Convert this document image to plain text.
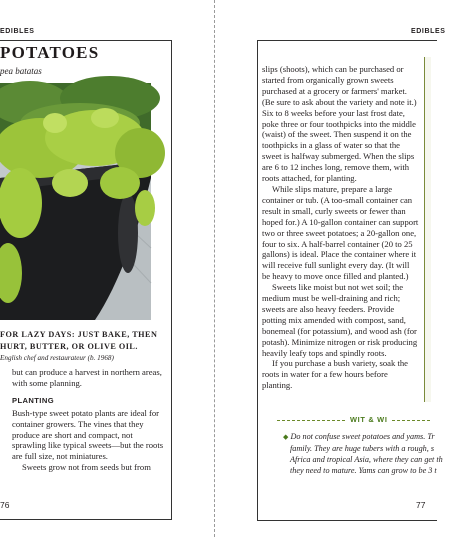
EDIBLES
POTATOES
pea batatas
FOR LAZY DAYS: JUST BAKE, THEN HURT, BUTTER, OR OLIVE OIL.
English chef and restaurateur (b. 1968)

but can produce a harvest in northern areas, with some planning.

PLANTING

Bush-type sweet potato plants are ideal for container growers. The vines that they produce are short and compact, not sprawling like typical sweets—but the roots are full size, not miniatures.

Sweets grow not from seeds but from

76
EDIBLES

slips (shoots), which can be purchased or started from organically grown sweets purchased at a grocery or farmers' market. (Be sure to ask about the variety and note it.) Six to 8 weeks before your last frost date, poke three or four toothpicks into the middle (waist) of the sweet. Then suspend it on the toothpicks in a glass of water so that the sweet is halfway submerged. When the slips are 6 to 12 inches long, remove them, with roots attached, for planting.

While slips mature, prepare a large container or tub. (A too-small container can result in small, curly sweets or fewer than hoped for.) A 10-gallon container can support two or three sweet potatoes; a 20-gallon one, four to six. A half-barrel container (20 to 25 gallons) is ideal. Place the container where it will receive full sunlight every day. (It will be heavy to move once filled and planted.)

Sweets like moist but not wet soil; the medium must be well-draining and rich; sweets are also heavy feeders. Provide potting mix amended with compost, sand, bonemeal (for potassium), and wood ash (for potash). Minimize nitrogen or risk producing heavily leafy tops and spindly roots.

If you purchase a bush variety, soak the roots in water for a few hours before planting.

77
WIT & WI
◆ Do not confuse sweet potatoes and yams. Tr
family. They are huge tubers with a rough, s
Africa and tropical Asia, where they can get th
they need to mature. Yams can grow to be 3 t
